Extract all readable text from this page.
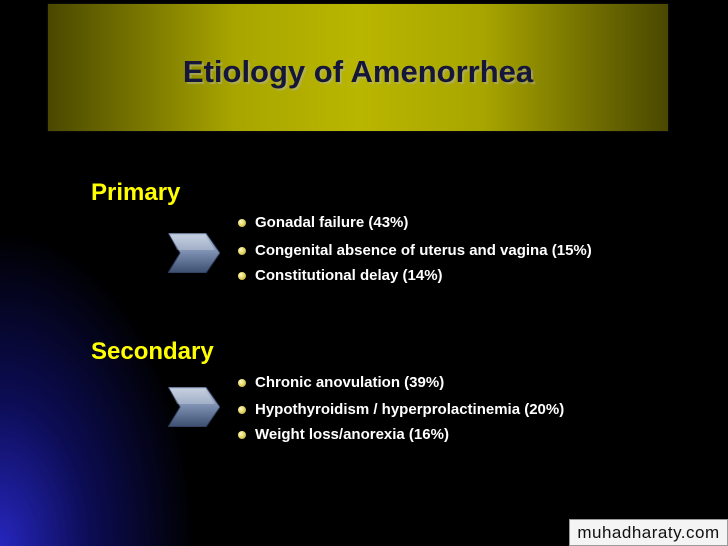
Etiology of Amenorrhea
Primary
Gonadal failure (43%)
Congenital absence of uterus and vagina (15%)
Constitutional delay (14%)
Secondary
Chronic anovulation (39%)
Hypothyroidism / hyperprolactinemia (20%)
Weight loss/anorexia (16%)
muhadharaty.com
